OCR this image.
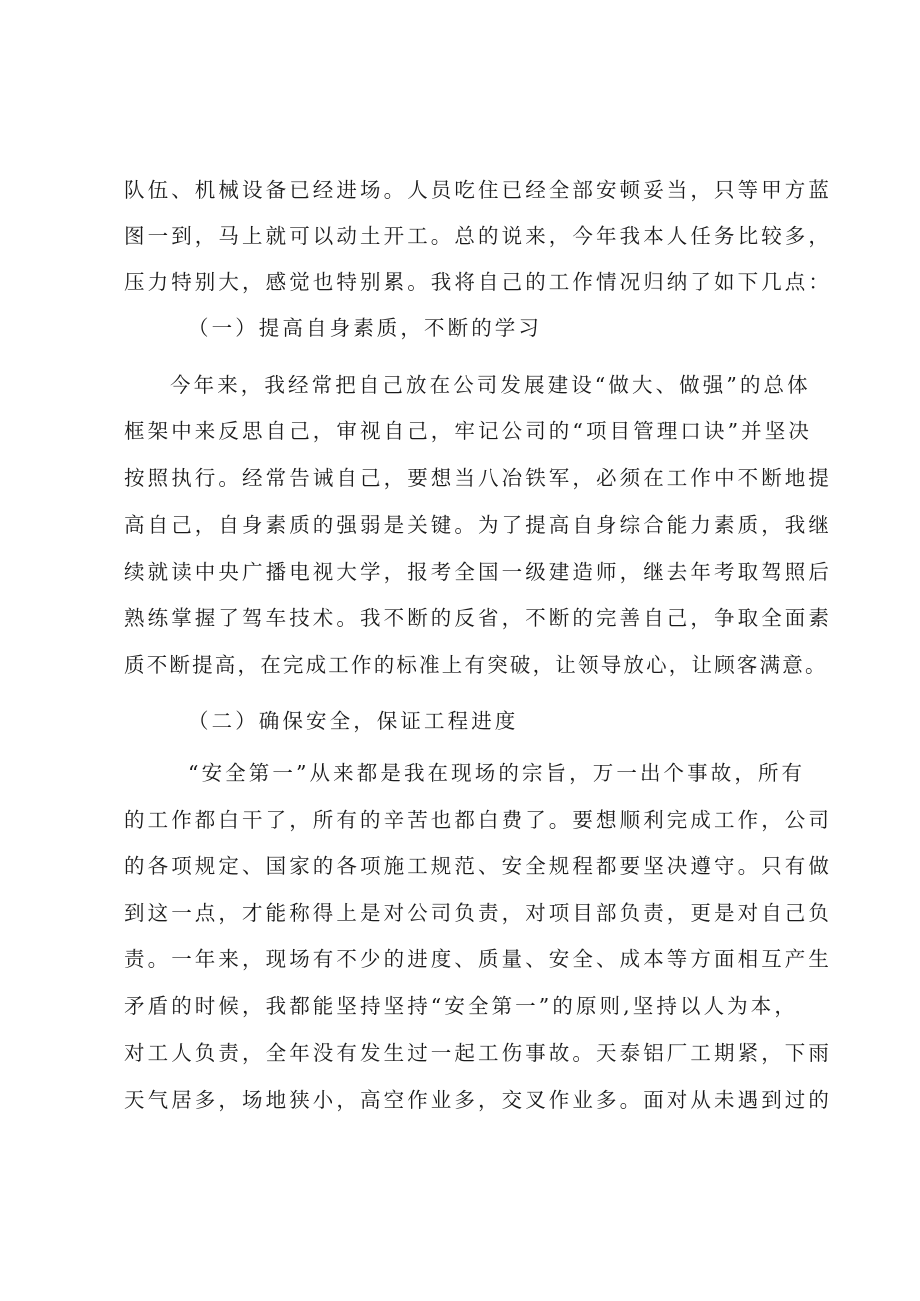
队伍、机械设备已经进场。人员吃住已经全部安顿妥当，只等甲方蓝
图一到，马上就可以动土开工。总的说来，今年我本人任务比较多，
压力特别大，感觉也特别累。我将自己的工作情况归纳了如下几点：
（一）提高自身素质，不断的学习
今年来，我经常把自己放在公司发展建设“做大、做强”的总体
框架中来反思自己，审视自己，牢记公司的“项目管理口诀”并坚决
按照执行。经常告诫自己，要想当八冶铁军，必须在工作中不断地提
高自己，自身素质的强弱是关键。为了提高自身综合能力素质，我继
续就读中央广播电视大学，报考全国一级建造师，继去年考取驾照后
熟练掌握了驾车技术。我不断的反省，不断的完善自己，争取全面素
质不断提高，在完成工作的标准上有突破，让领导放心，让顾客满意。
（二）确保安全，保证工程进度
“安全第一”从来都是我在现场的宗旨，万一出个事故，所有
的工作都白干了，所有的辛苦也都白费了。要想顺利完成工作，公司
的各项规定、国家的各项施工规范、安全规程都要坚决遵守。只有做
到这一点，才能称得上是对公司负责，对项目部负责，更是对自己负
责。一年来，现场有不少的进度、质量、安全、成本等方面相互产生
矛盾的时候，我都能坚持坚持“安全第一”的原则,坚持以人为本，
对工人负责，全年没有发生过一起工伤事故。天泰铝厂工期紧，下雨
天气居多，场地狭小，高空作业多，交叉作业多。面对从未遇到过的
